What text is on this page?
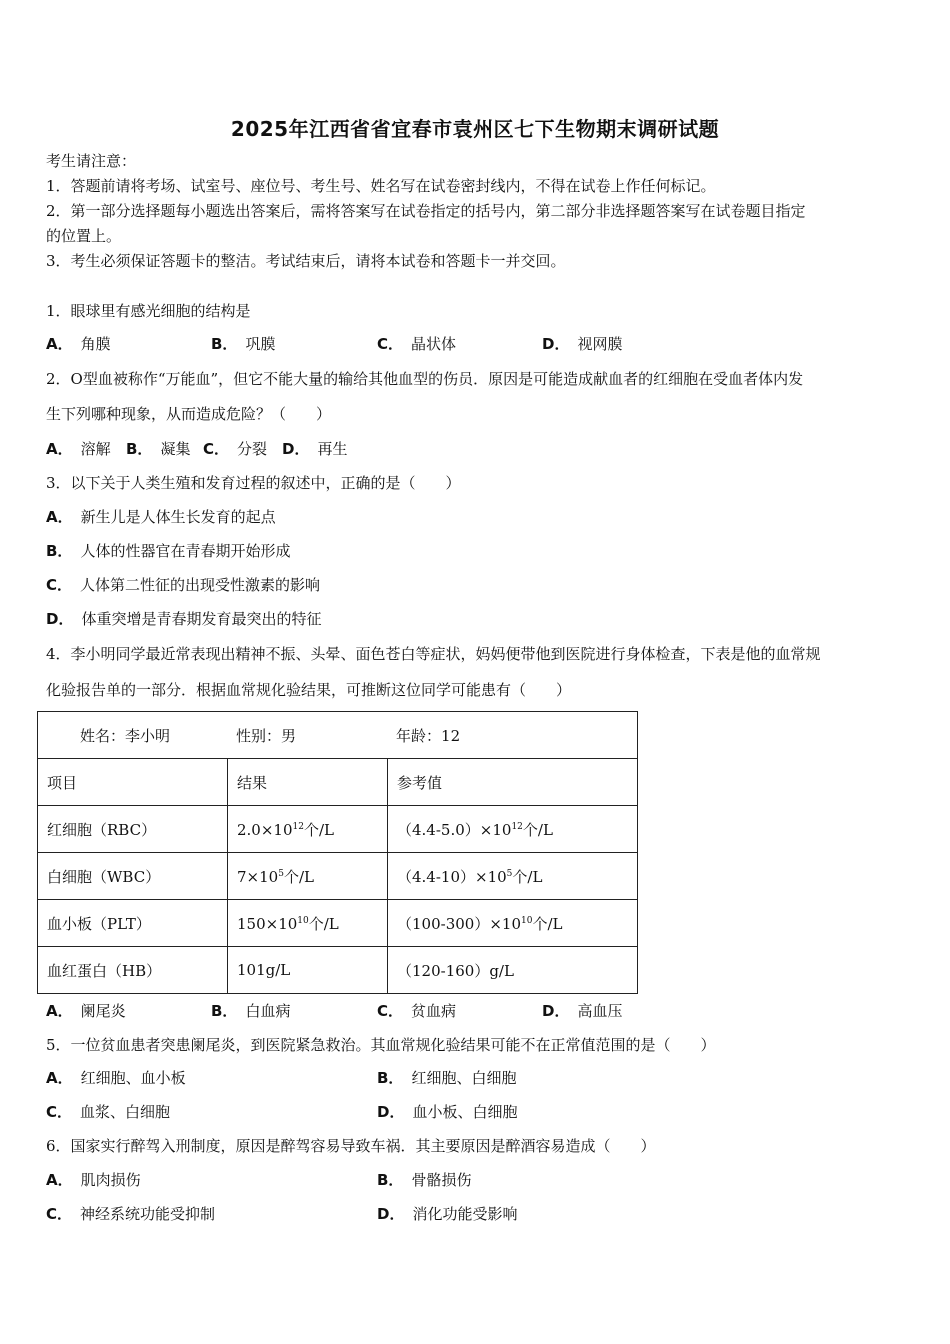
2025年江西省省宜春市袁州区七下生物期末调研试题
考生请注意：
1．答题前请将考场、试室号、座位号、考生号、姓名写在试卷密封线内，不得在试卷上作任何标记。
2．第一部分选择题每小题选出答案后，需将答案写在试卷指定的括号内，第二部分非选择题答案写在试卷题目指定
的位置上。
3．考生必须保证答题卡的整洁。考试结束后，请将本试卷和答题卡一并交回。
1．眼球里有感光细胞的结构是
A． 角膜	B． 巩膜	C． 晶状体	D． 视网膜
2．O型血被称作“万能血”，但它不能大量的输给其他血型的伤员．原因是可能造成献血者的红细胞在受血者体内发
生下列哪种现象，从而造成危险？（　　）
A． 溶解 B． 凝集 C． 分裂 D． 再生
3．以下关于人类生殖和发育过程的叙述中，正确的是（　　）
A． 新生儿是人体生长发育的起点
B． 人体的性器官在青春期开始形成
C． 人体第二性征的出现受性激素的影响
D． 体重突增是青春期发育最突出的特征
4．李小明同学最近常表现出精神不振、头晕、面色苍白等症状，妈妈便带他到医院进行身体检查，下表是他的血常规
化验报告单的一部分．根据血常规化验结果，可推断这位同学可能患有（　　）
姓名：李小明 性别：男 年龄：12		
项目	结果	参考值
红细胞（RBC）	$2.0\times 10^{12}$个/L	$(4.4-5.0)\times 10^{12}$个/L
白细胞（WBC）	$7\times 10^5$个/L	$(4.4-10)\times 10^5$个/L
血小板（PLT）	$150\times 10^{10}$个/L	$(100-300)\times 10^{10}$个/L
血红蛋白（HB）	101g/L	（120-160）g/L
A． 阑尾炎	B． 白血病	C． 贫血病	D． 高血压
5．一位贫血患者突患阑尾炎，到医院紧急救治。其血常规化验结果可能不在正常值范围的是（　　）
A． 红细胞、血小板	B． 红细胞、白细胞
C． 血浆、白细胞	D． 血小板、白细胞
6．国家实行醉驾入刑制度，原因是醉驾容易导致车祸．其主要原因是醉酒容易造成（　　）
A． 肌肉损伤	B． 骨骼损伤
C． 神经系统功能受抑制	D． 消化功能受影响
